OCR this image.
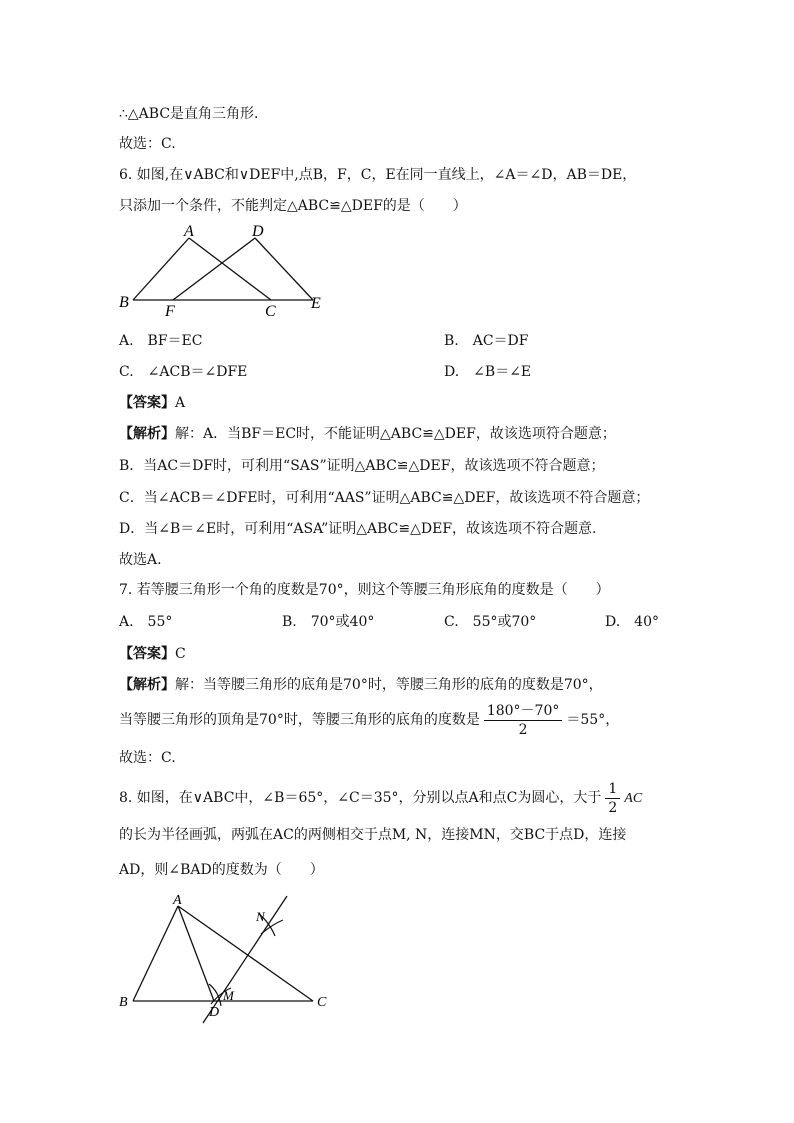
∴△ABC是直角三角形.
故选：C.
6. 如图,在∨ABC和∨DEF中,点B，F，C，E在同一直线上，∠A＝∠D，AB＝DE，
只添加一个条件，不能判定△ABC≌△DEF的是（　　）
A	D
B
F	C E
A.　BF＝EC	B.　AC＝DF
C.　∠ACB＝∠DFE	D.　∠B＝∠E
【答案】A
【解析】解：A．当BF＝EC时，不能证明△ABC≌△DEF，故该选项符合题意；
B．当AC＝DF时，可利用“SAS”证明△ABC≌△DEF，故该选项不符合题意；
C．当∠ACB＝∠DFE时，可利用“AAS”证明△ABC≌△DEF，故该选项不符合题意；
D．当∠B＝∠E时，可利用“ASA”证明△ABC≌△DEF，故该选项不符合题意.
故选A.
7. 若等腰三角形一个角的度数是70°，则这个等腰三角形底角的度数是（　　）
A.　55°	B.　70°或40°	C.　55°或70°	D.　40°
【答案】C
【解析】解：当等腰三角形的底角是70°时，等腰三角形的底角的度数是70°，
当等腰三角形的顶角是70°时，等腰三角形的底角的度数是 $\frac{180^\circ-70^\circ}{2} =55^\circ$，
故选：C.
8. 如图，在∨ABC中，∠B＝65°，∠C＝35°，分别以点A和点C为圆心，大于 $\frac{1}{2}$ AC
的长为半径画弧，两弧在AC的两侧相交于点M, N，连接MN，交BC于点D，连接
AD，则∠BAD的度数为（　　）
A
N
M
B
D
C
